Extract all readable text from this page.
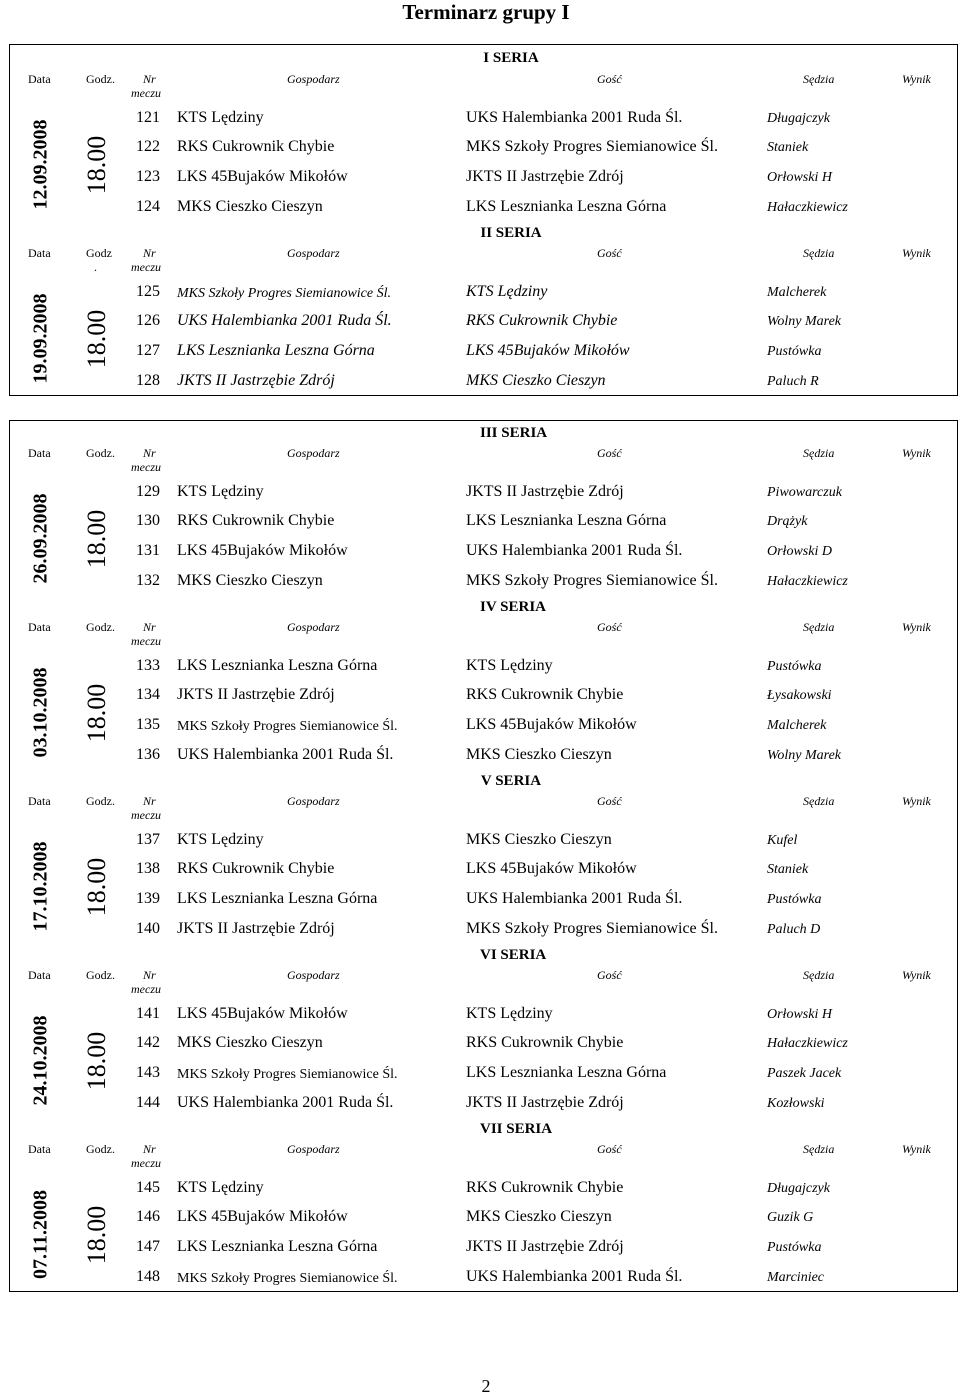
Terminarz grupy I
I SERIA
Data	Godz. Nr
meczu
Gospodarz	Gość	Sędzia	Wynik
12.09.2008 18.00
121 KTS Lędziny	UKS Halembianka 2001 Ruda Śl.	Długajczyk
122 RKS Cukrownik Chybie	MKS Szkoły Progres Siemianowice Śl.	Staniek
123 LKS 45Bujaków Mikołów	JKTS II Jastrzębie Zdrój	Orłowski H
124 MKS Cieszko Cieszyn	LKS Lesznianka Leszna Górna	Hałaczkiewicz
II SERIA
Data	Godz
.
Nr
meczu
Gospodarz	Gość	Sędzia	Wynik
19.09.2008 18.00
125 MKS Szkoły Progres Siemianowice Śl.	KTS Lędziny	Malcherek
126 UKS Halembianka 2001 Ruda Śl.	RKS Cukrownik Chybie	Wolny Marek
127 LKS Lesznianka Leszna Górna	LKS 45Bujaków Mikołów	Pustówka
128 JKTS II Jastrzębie Zdrój	MKS Cieszko Cieszyn	Paluch R
III SERIA
Data	Godz. Nr
meczu
Gospodarz	Gość	Sędzia	Wynik
26.09.2008 18.00
129 KTS Lędziny	JKTS II Jastrzębie Zdrój	Piwowarczuk
130 RKS Cukrownik Chybie	LKS Lesznianka Leszna Górna	Drążyk
131 LKS 45Bujaków Mikołów	UKS Halembianka 2001 Ruda Śl.	Orłowski D
132 MKS Cieszko Cieszyn	MKS Szkoły Progres Siemianowice Śl.	Hałaczkiewicz
IV SERIA
Data	Godz. Nr
meczu
Gospodarz	Gość	Sędzia	Wynik
03.10.2008 18.00
133 LKS Lesznianka Leszna Górna	KTS Lędziny	Pustówka
134 JKTS II Jastrzębie Zdrój	RKS Cukrownik Chybie	Łysakowski
135 MKS Szkoły Progres Siemianowice Śl.	LKS 45Bujaków Mikołów	Malcherek
136 UKS Halembianka 2001 Ruda Śl.	MKS Cieszko Cieszyn	Wolny Marek
V SERIA
Data	Godz. Nr
meczu
Gospodarz	Gość	Sędzia	Wynik
17.10.2008 18.00
137 KTS Lędziny	MKS Cieszko Cieszyn	Kufel
138 RKS Cukrownik Chybie	LKS 45Bujaków Mikołów	Staniek
139 LKS Lesznianka Leszna Górna	UKS Halembianka 2001 Ruda Śl.	Pustówka
140 JKTS II Jastrzębie Zdrój	MKS Szkoły Progres Siemianowice Śl.	Paluch D
VI SERIA
Data	Godz. Nr
meczu
Gospodarz	Gość	Sędzia	Wynik
24.10.2008 18.00
141 LKS 45Bujaków Mikołów	KTS Lędziny	Orłowski H
142 MKS Cieszko Cieszyn	RKS Cukrownik Chybie	Hałaczkiewicz
143 MKS Szkoły Progres Siemianowice Śl.	LKS Lesznianka Leszna Górna	Paszek Jacek
144 UKS Halembianka 2001 Ruda Śl.	JKTS II Jastrzębie Zdrój	Kozłowski
VII SERIA
Data	Godz. Nr
meczu
Gospodarz	Gość	Sędzia	Wynik
07.11.2008 18.00
145 KTS Lędziny	RKS Cukrownik Chybie	Długajczyk
146 LKS 45Bujaków Mikołów	MKS Cieszko Cieszyn	Guzik G
147 LKS Lesznianka Leszna Górna	JKTS II Jastrzębie Zdrój	Pustówka
148 MKS Szkoły Progres Siemianowice Śl.	UKS Halembianka 2001 Ruda Śl.	Marciniec
2
